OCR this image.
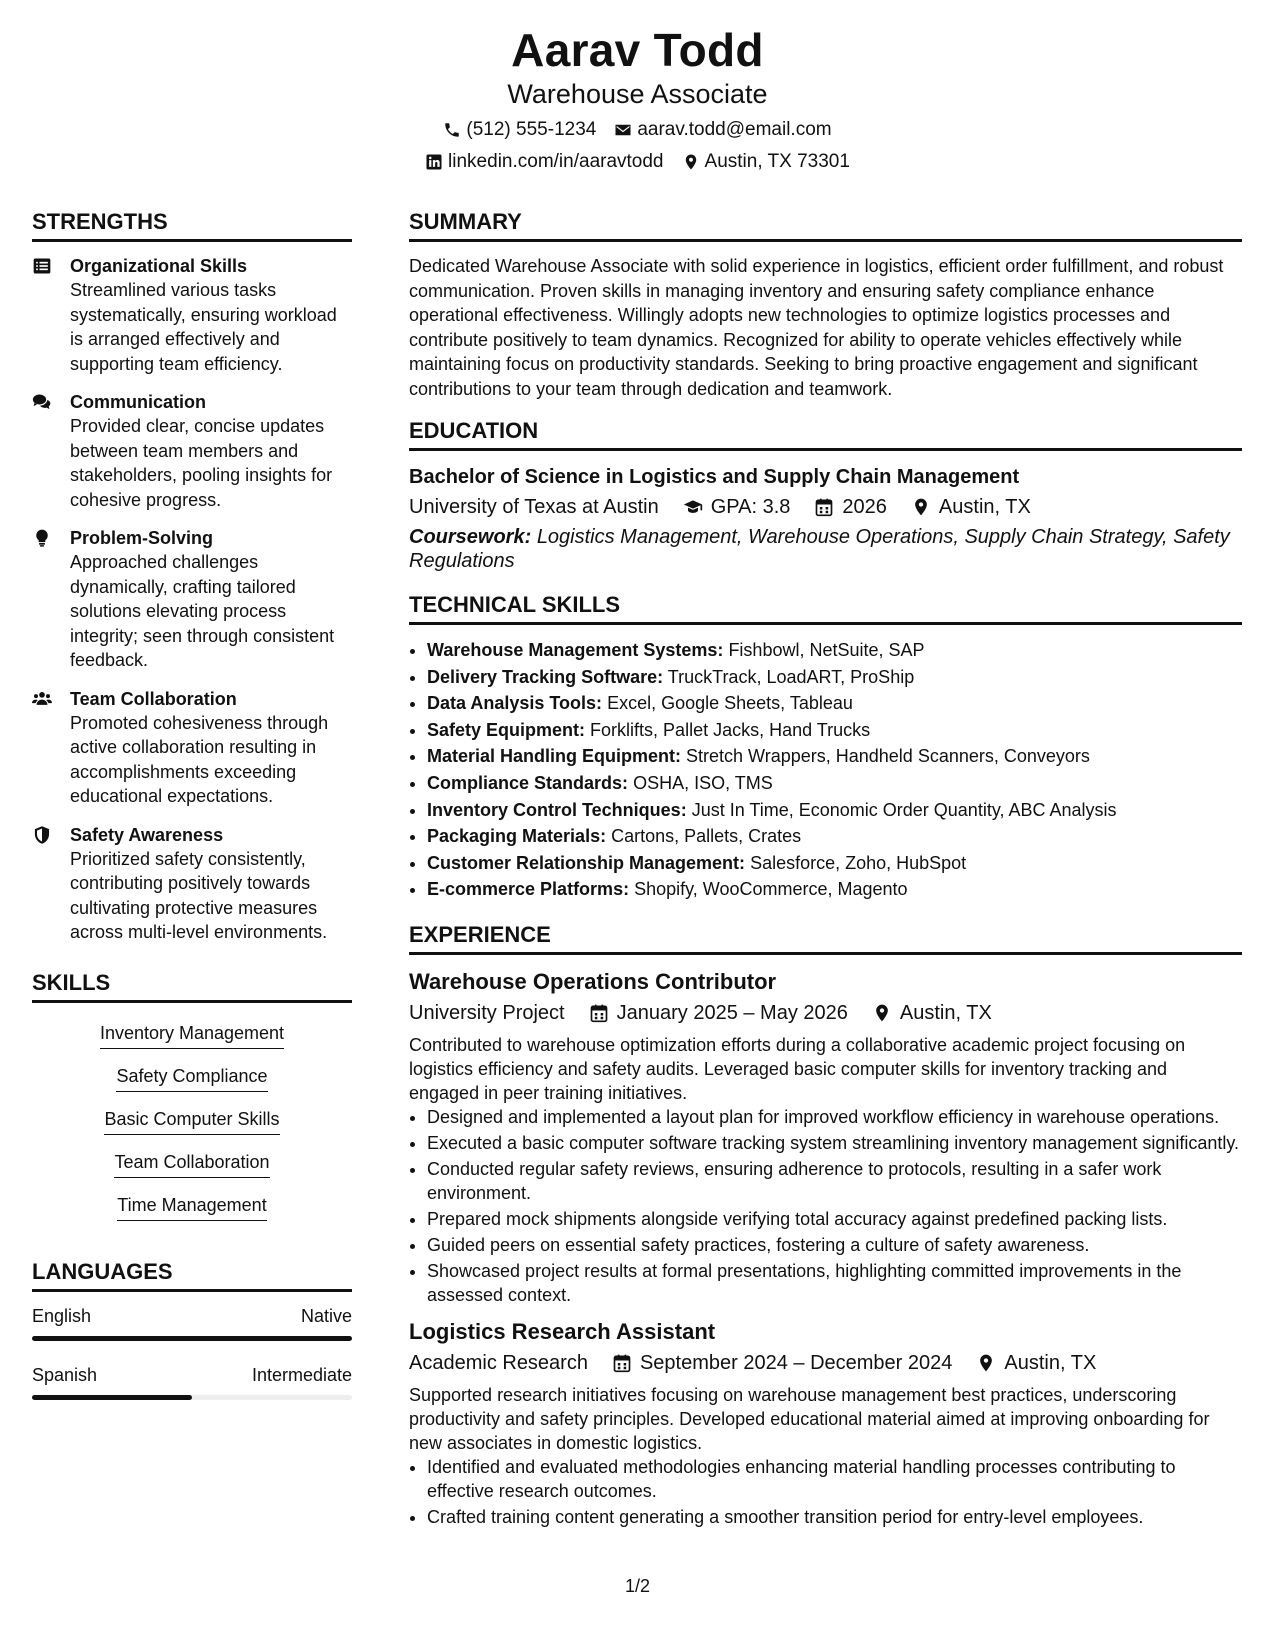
Aarav Todd
Warehouse Associate
(512) 555-1234 aarav.todd@email.com
linkedin.com/in/aaravtodd Austin, TX 73301
STRENGTHS
Organizational Skills
Streamlined various tasks systematically, ensuring workload is arranged effectively and supporting team efficiency.
Communication
Provided clear, concise updates between team members and stakeholders, pooling insights for cohesive progress.
Problem-Solving
Approached challenges dynamically, crafting tailored solutions elevating process integrity; seen through consistent feedback.
Team Collaboration
Promoted cohesiveness through active collaboration resulting in accomplishments exceeding educational expectations.
Safety Awareness
Prioritized safety consistently, contributing positively towards cultivating protective measures across multi-level environments.
SKILLS
Inventory Management
Safety Compliance
Basic Computer Skills
Team Collaboration
Time Management
LANGUAGES
English	Native
Spanish	Intermediate
SUMMARY
Dedicated Warehouse Associate with solid experience in logistics, efficient order fulfillment, and robust communication. Proven skills in managing inventory and ensuring safety compliance enhance operational effectiveness. Willingly adopts new technologies to optimize logistics processes and contribute positively to team dynamics. Recognized for ability to operate vehicles effectively while maintaining focus on productivity standards. Seeking to bring proactive engagement and significant contributions to your team through dedication and teamwork.
EDUCATION
Bachelor of Science in Logistics and Supply Chain Management
University of Texas at Austin	GPA: 3.8	2026	Austin, TX
Coursework: Logistics Management, Warehouse Operations, Supply Chain Strategy, Safety Regulations
TECHNICAL SKILLS
• Warehouse Management Systems: Fishbowl, NetSuite, SAP
• Delivery Tracking Software: TruckTrack, LoadART, ProShip
• Data Analysis Tools: Excel, Google Sheets, Tableau
• Safety Equipment: Forklifts, Pallet Jacks, Hand Trucks
• Material Handling Equipment: Stretch Wrappers, Handheld Scanners, Conveyors
• Compliance Standards: OSHA, ISO, TMS
• Inventory Control Techniques: Just In Time, Economic Order Quantity, ABC Analysis
• Packaging Materials: Cartons, Pallets, Crates
• Customer Relationship Management: Salesforce, Zoho, HubSpot
• E-commerce Platforms: Shopify, WooCommerce, Magento
EXPERIENCE
Warehouse Operations Contributor
University Project	January 2025 – May 2026	Austin, TX
Contributed to warehouse optimization efforts during a collaborative academic project focusing on logistics efficiency and safety audits. Leveraged basic computer skills for inventory tracking and engaged in peer training initiatives.
• Designed and implemented a layout plan for improved workflow efficiency in warehouse operations.
• Executed a basic computer software tracking system streamlining inventory management significantly.
• Conducted regular safety reviews, ensuring adherence to protocols, resulting in a safer work environment.
• Prepared mock shipments alongside verifying total accuracy against predefined packing lists.
• Guided peers on essential safety practices, fostering a culture of safety awareness.
• Showcased project results at formal presentations, highlighting committed improvements in the assessed context.
Logistics Research Assistant
Academic Research	September 2024 – December 2024	Austin, TX
Supported research initiatives focusing on warehouse management best practices, underscoring productivity and safety principles. Developed educational material aimed at improving onboarding for new associates in domestic logistics.
• Identified and evaluated methodologies enhancing material handling processes contributing to effective research outcomes.
• Crafted training content generating a smoother transition period for entry-level employees.
1/2
